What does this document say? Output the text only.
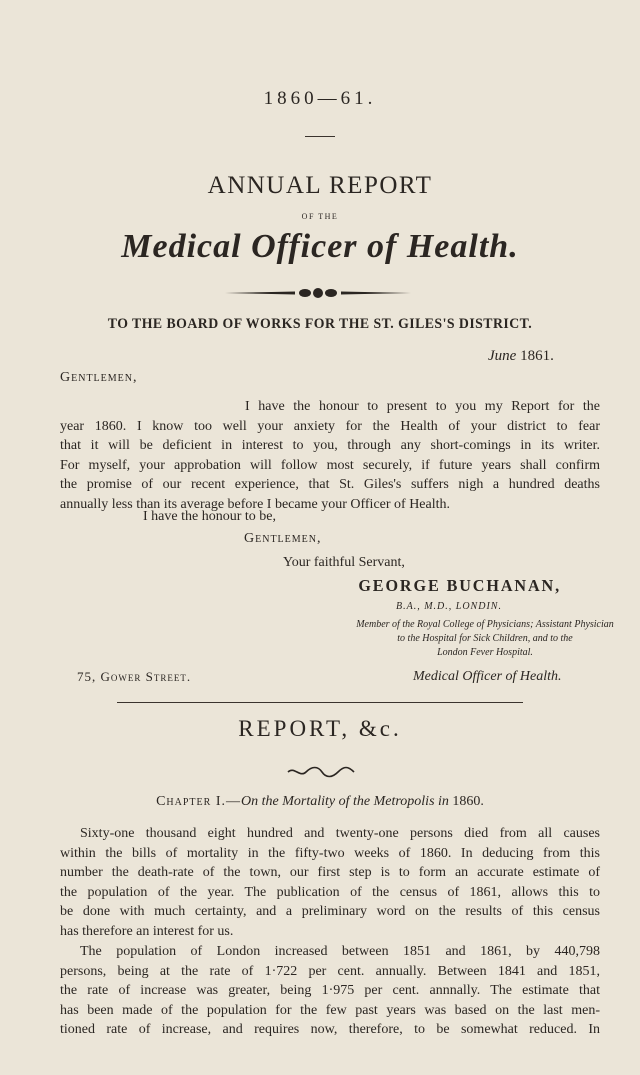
1860—61.
ANNUAL REPORT
OF THE
Medical Officer of Health.
TO THE BOARD OF WORKS FOR THE ST. GILES'S DISTRICT.
June 1861.
Gentlemen,
I have the honour to present to you my Report for the
year 1860. I know too well your anxiety for the Health of your district to fear
that it will be deficient in interest to you, through any short-comings in its writer.
For myself, your approbation will follow most securely, if future years shall confirm
the promise of our recent experience, that St. Giles's suffers nigh a hundred deaths
annually less than its average before I became your Officer of Health.
I have the honour to be,
Gentlemen,
Your faithful Servant,
GEORGE BUCHANAN,
B.A., M.D., LONDIN.
Member of the Royal College of Physicians; Assistant Physician
to the Hospital for Sick Children, and to the
London Fever Hospital.
75, Gower Street.	Medical Officer of Health.
REPORT, &c.
Chapter I.—On the Mortality of the Metropolis in 1860.
Sixty-one thousand eight hundred and twenty-one persons died from all causes
within the bills of mortality in the fifty-two weeks of 1860. In deducing from this
number the death-rate of the town, our first step is to form an accurate estimate of
the population of the year. The publication of the census of 1861, allows this to
be done with much certainty, and a preliminary word on the results of this census
has therefore an interest for us.
The population of London increased between 1851 and 1861, by 440,798
persons, being at the rate of 1·722 per cent. annually. Between 1841 and 1851,
the rate of increase was greater, being 1·975 per cent. annnally. The estimate that
has been made of the population for the few past years was based on the last men-
tioned rate of increase, and requires now, therefore, to be somewhat reduced. In
